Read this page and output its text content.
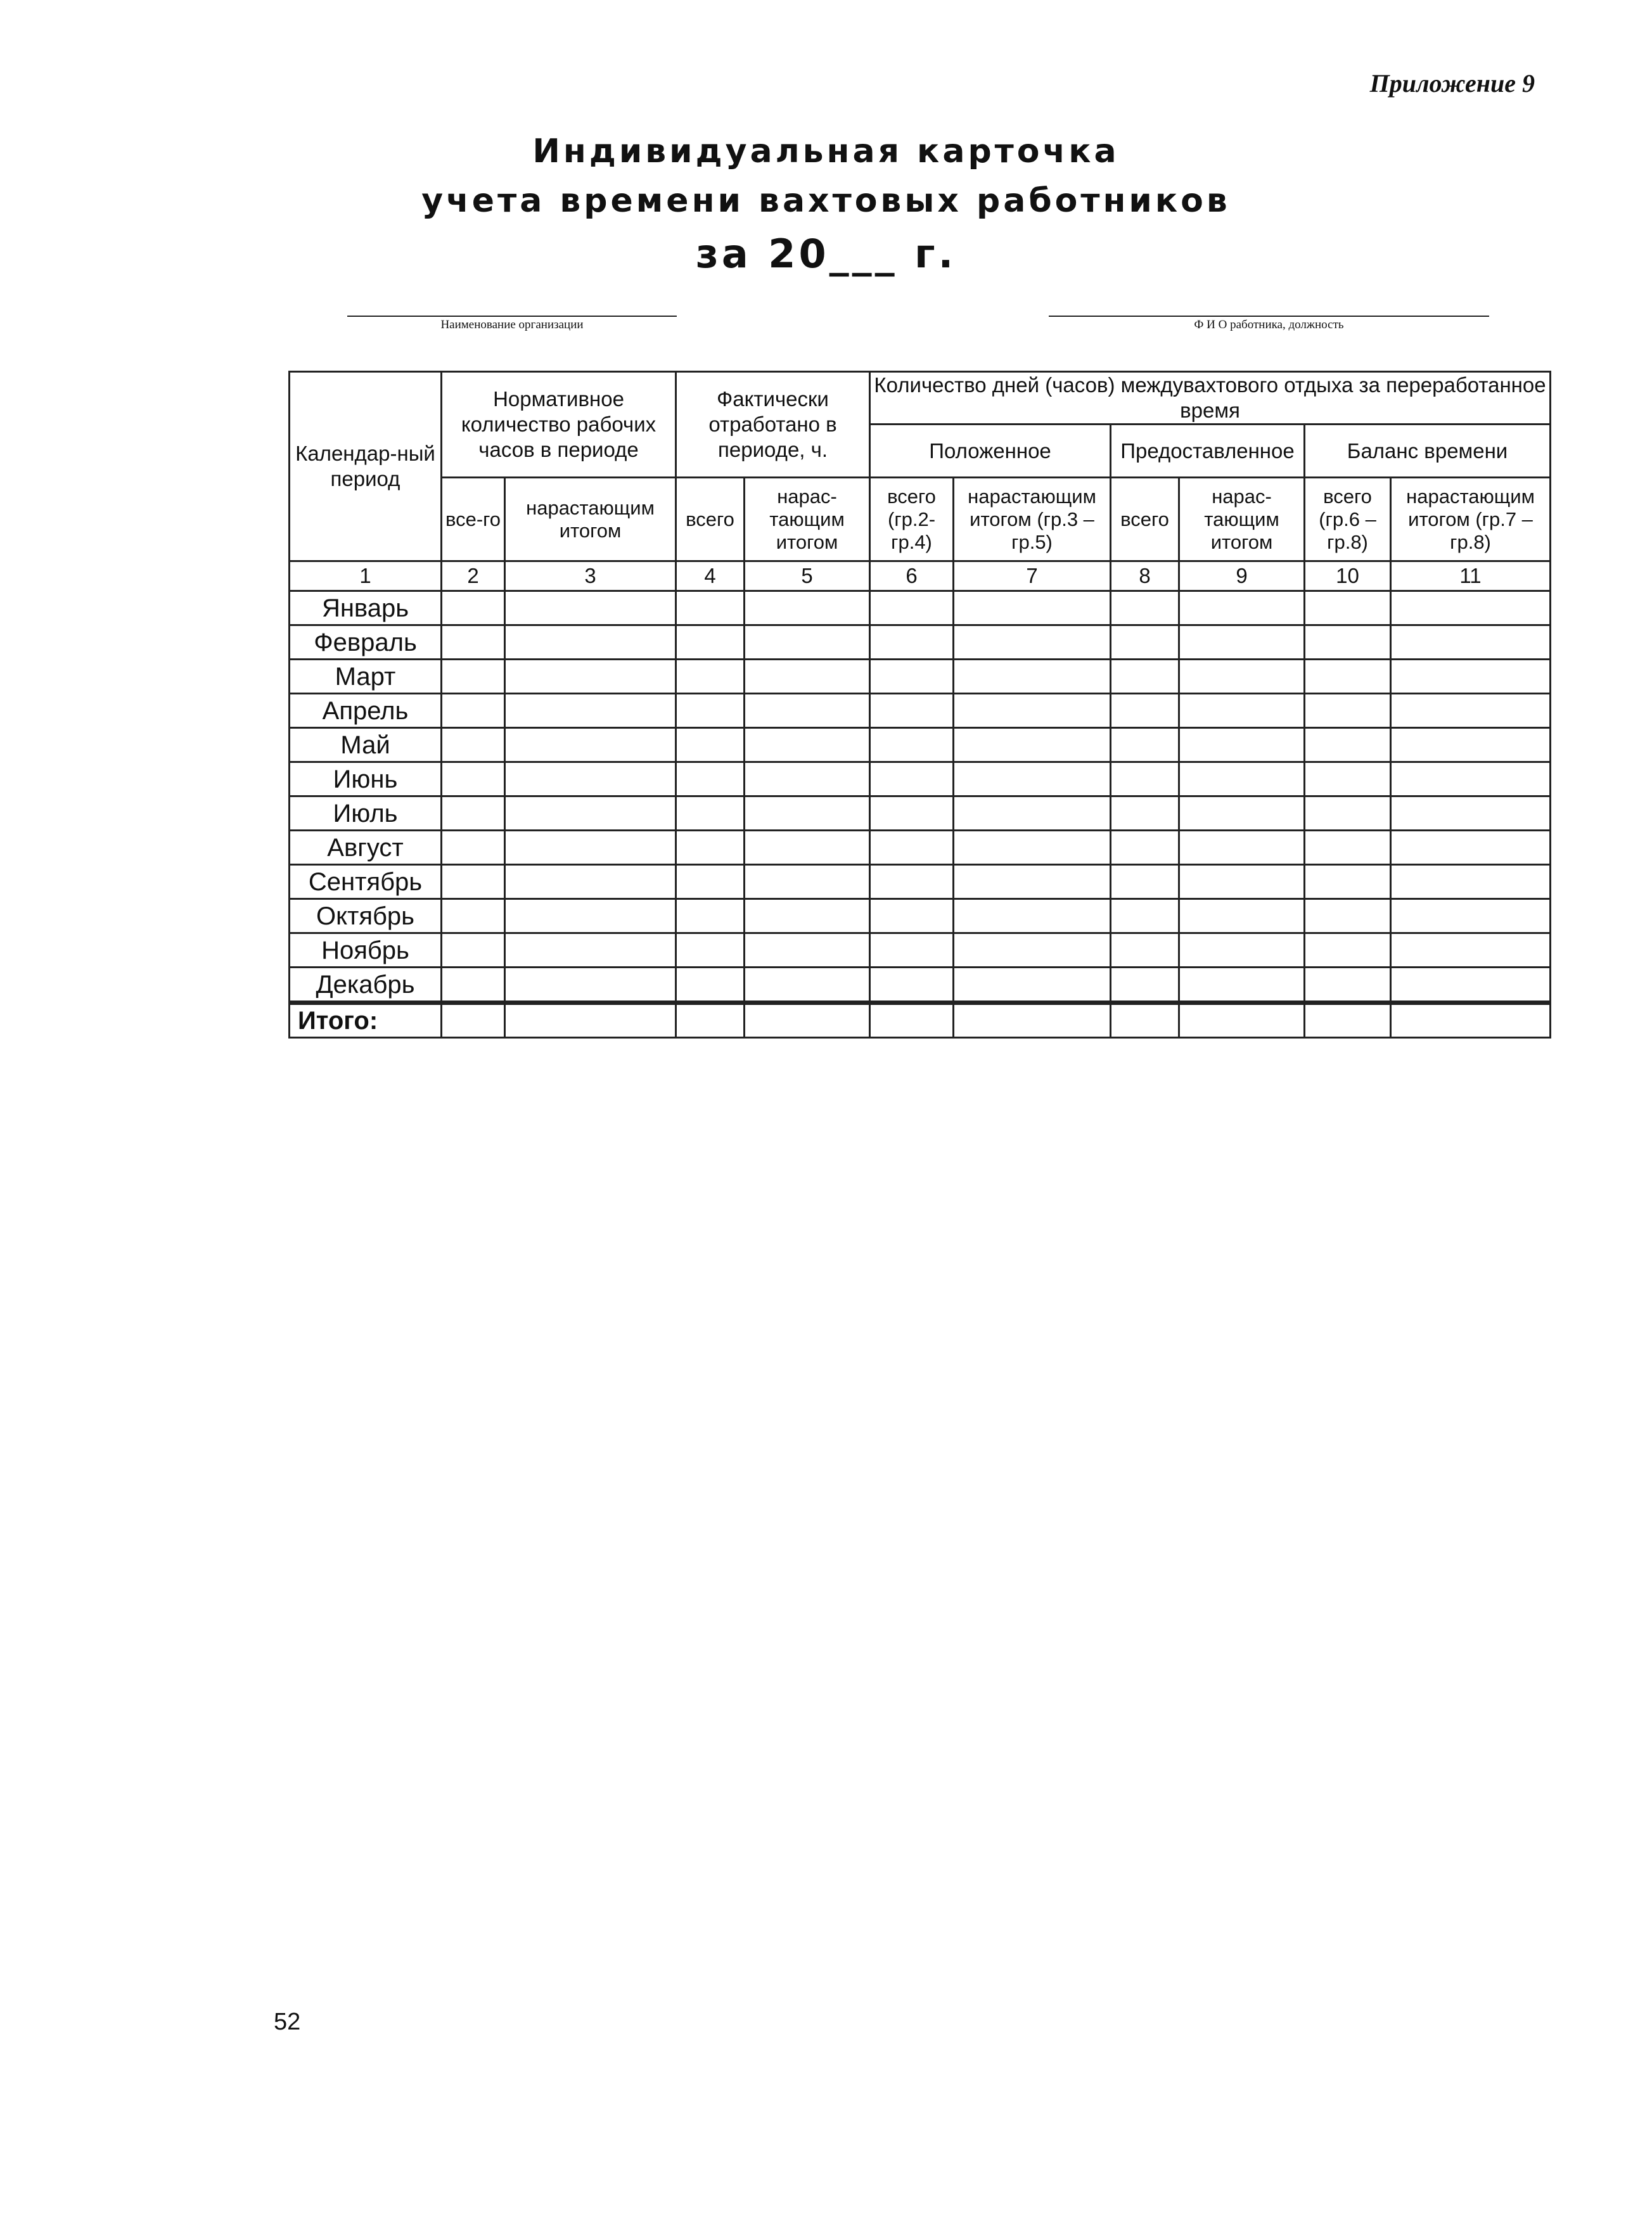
Приложение 9
Индивидуальная карточка
учета времени вахтовых работников
за 20___ г.
Наименование организации	Ф И О работника, должность
Календар-ный период	Нормативное количество рабочих часов в периоде		Фактически отработано в периоде, ч.		Количество дней (часов) междувахтового отдыха за переработанное время					
					Положенное		Предоставленное		Баланс времени	
	все-го	нарастающим итогом	всего	нарас-тающим итогом	всего (гр.2-гр.4)	нарастающим итогом (гр.3 – гр.5)	всего	нарас-тающим итогом	всего (гр.6 – гр.8)	нарастающим итогом (гр.7 – гр.8)
1	2	3	4	5	6	7	8	9	10	11
Январь										
Февраль										
Март										
Апрель										
Май										
Июнь										
Июль										
Август										
Сентябрь										
Октябрь										
Ноябрь										
Декабрь										
Итого:										
52
